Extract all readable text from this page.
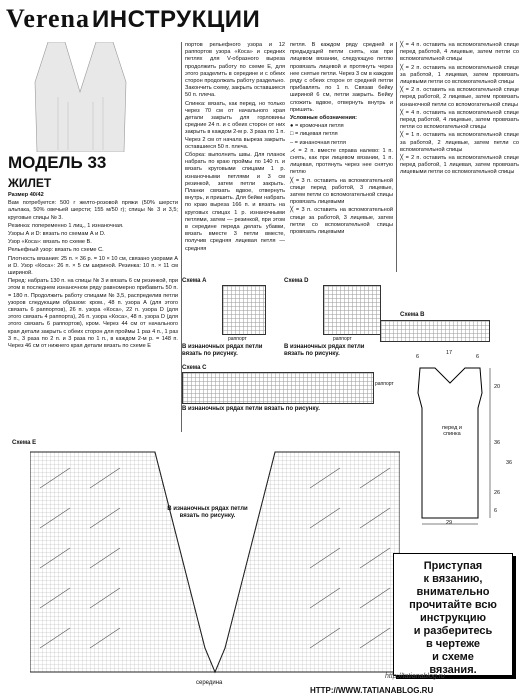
Verena ИНСТРУКЦИИ
МОДЕЛЬ 33
ЖИЛЕТ

Размер 40/42

Вам потребуется: 500 г желто-розовой пряжи (50% шерсти альпака, 50% овечьей шерсти; 155 м/50 г); спицы № 3 и 3,5; круговые спицы № 3.

Резинка: попеременно 1 лиц., 1 изнаночная.

Узоры А и D: вязать по схемам А и D.

Узор «Коса»: вязать по схеме В.

Рельефный узор: вязать по схеме С.

Плотность вязания: 25 п. × 36 р. = 10 × 10 см, связано узорами А и D. Узор «Коса»: 26 п. × 5 см шириной. Резинка: 10 п. × 11 см шириной.

Перед: набрать 130 п. на спицы № 3 и вязать 6 см резинкой, при этом в последнем изнаночном ряду равномерно прибавить 50 п. = 180 п. Продолжить работу спицами № 3,5, распределив петли узоров следующим образом: кром., 48 п. узора А (для этого связать 6 раппортов), 26 п. узора «Коса», 22 п. узора D (для этого связать 4 раппорта), 26 п. узора «Коса», 48 п. узора D (для этого связать 6 раппортов), кром. Через 44 см от начального края детали закрыть с обеих сторон для проймы 1 раз 4 п., 1 раз 3 п., 3 раза по 2 п. и 3 раза по 1 п., в каждом 2-м р. = 148 п. Через 46 см от нижнего края детали вязать по схеме Е

портов рельефного узора и 12 раппортов узора «Коса» и средних петлях для V-образного выреза продолжить работу по схеме Е, для этого разделить в середине и с обеих сторон продолжать работу раздельно. Закончить схему, закрыть оставшиеся 50 п. плеча.

Спинка: вязать, как перед, но только через 70 см от начального края детали закрыть для горловины средние 24 п. и с обеих сторон от них закрыть в каждом 2-м р. 3 раза по 1 п. Через 2 см от начала выреза закрыть оставшиеся 50 п. плеча.

Сборка: выполнить швы. Для планок набрать по краю проймы по 140 п. и вязать круговыми спицами 1 р. изнаночными петлями и 3 см резинкой, затем петли закрыть. Планки связать вдвое, отвернуть внутрь, и пришить. Для бейки набрать по краю выреза 166 п. и вязать на круговых спицах 1 р. изнаночными петлями, затем — резинкой, при этом в середине переда делать убавки, вязать вместе 3 петли вместе, получив средняя лицевая петля — средняя

петля. В каждом ряду средней и предыдущей петли снять, как при лицевом вязании, следующую петлю провязать лицевой и протянуть через нее снятые петли. Через 3 см в каждом ряду с обеих сторон от средней петли прибавлять по 1 п. Связав бейку шириной 6 см, петли закрыть. Бейку сложить вдвое, отвернуть внутрь и пришить.

Условные обозначения:

● = кромочная петля

□ = лицевая петля

– = изнаночная петля

⋌ = 2 п. вместе справа налево: 1 п. снять, как при лицевом вязании, 1 п. лицевая, протянуть через нее снятую петлю

╳ = 3 п. оставить на вспомогательной спице перед работой, 3 лицевые, затем петли со вспомогательной спицы провязать лицевыми

╳ = 3 п. оставить на вспомогательной спице за работой, 3 лицевые, затем петли со вспомогательной спицы провязать лицевыми

╳ = 4 п. оставить на вспомогательной спице перед работой, 4 лицевые, затем петли со вспомогательной спицы

╳ = 2 п. оставить на вспомогательной спице за работой, 1 лицевая, затем провязать лицевыми петли со вспомогательной спицы

╳ = 2 п. оставить на вспомогательной спице перед работой, 2 лицевые, затем провязать изнаночной петли со вспомогательной спицы

╳ = 4 п. оставить на вспомогательной спице перед работой, 4 лицевые, затем провязать петли со вспомогательной спицы

╳ = 1 п. оставить на вспомогательной спице за работой, 2 лицевые, затем петли со вспомогательной спицы

╳ = 2 п. оставить на вспомогательной спице перед работой, 1 лицевая, затем провязать лицевыми петли со вспомогательной спицы

Схема А
раппорт
В изнаночных рядах петли вязать по рисунку.
Схема D
раппорт
В изнаночных рядах петли вязать по рисунку.
Схема В
Схема С
раппорт
В изнаночных рядах петли вязать по рисунку.
6
17
6
20
36
26
6
29
36
перед и спинка
Схема Е
В изнаночных рядах петли вязать по рисунку.
середина
Приступая
к вязанию,
внимательно
прочитайте всю
инструкцию
и разберитесь
в чертеже
и схеме
вязания.
http://tatianablog.ru
HTTP://WWW.TATIANABLOG.RU
